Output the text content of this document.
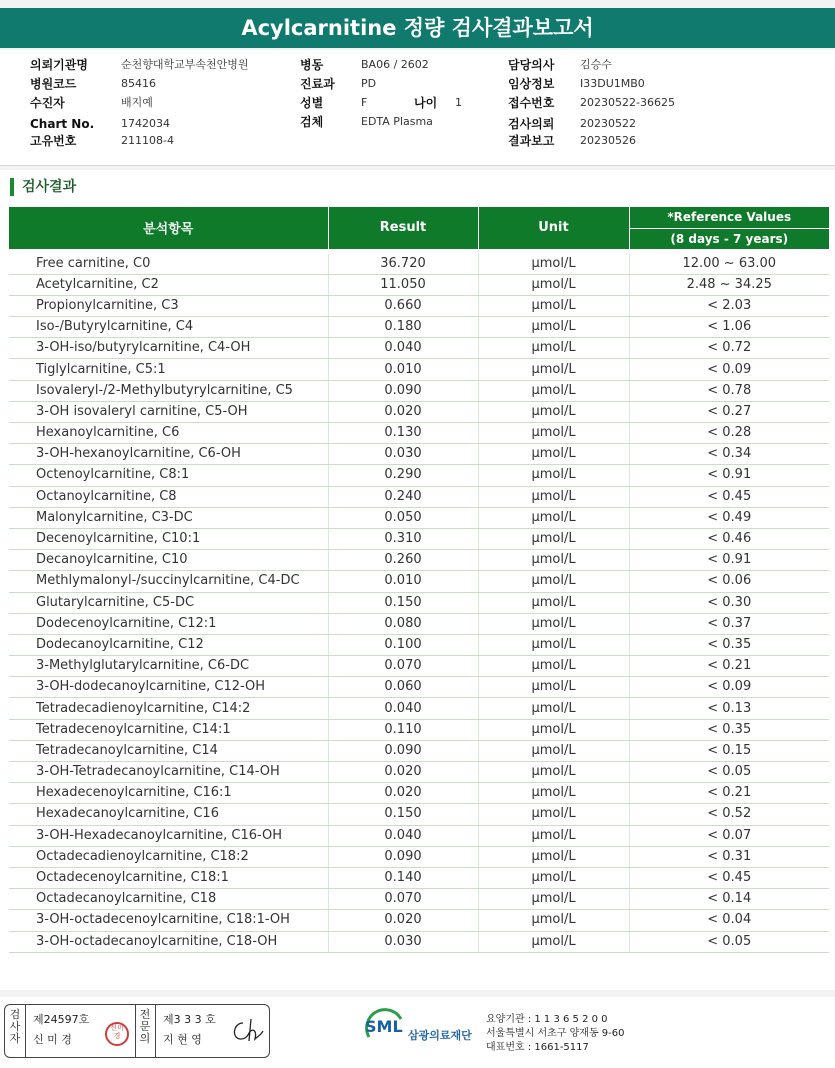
Acylcarnitine 정량 검사결과보고서
의뢰기관명	순천향대학교부속천안병원
병원코드	85416
수진자	배지예
Chart No. 1742034
고유번호	211108-4
병동	BA06 / 2602
진료과 PD
성별	F	나이 1
검체	EDTA Plasma
담당의사 김승수
임상정보 I33DU1MB0
접수번호 20230522-36625
검사의뢰 20230522
결과보고 20230526
검사결과
분석항목	Result	Unit	*Reference Values
			(8 days - 7 years)

Free carnitine, C0	36.720	μmol/L	12.00 ~ 63.00
Acetylcarnitine, C2	11.050	μmol/L	2.48 ~ 34.25
Propionylcarnitine, C3	0.660	μmol/L	< 2.03
Iso-/Butyrylcarnitine, C4	0.180	μmol/L	< 1.06
3-OH-iso/butyrylcarnitine, C4-OH	0.040	μmol/L	< 0.72
Tiglylcarnitine, C5:1	0.010	μmol/L	< 0.09
Isovaleryl-/2-Methylbutyrylcarnitine, C5	0.090	μmol/L	< 0.78
3-OH isovaleryl carnitine, C5-OH	0.020	μmol/L	< 0.27
Hexanoylcarnitine, C6	0.130	μmol/L	< 0.28
3-OH-hexanoylcarnitine, C6-OH	0.030	μmol/L	< 0.34
Octenoylcarnitine, C8:1	0.290	μmol/L	< 0.91
Octanoylcarnitine, C8	0.240	μmol/L	< 0.45
Malonylcarnitine, C3-DC	0.050	μmol/L	< 0.49
Decenoylcarnitine, C10:1	0.310	μmol/L	< 0.46
Decanoylcarnitine, C10	0.260	μmol/L	< 0.91
Methlymalonyl-/succinylcarnitine, C4-DC	0.010	μmol/L	< 0.06
Glutarylcarnitine, C5-DC	0.150	μmol/L	< 0.30
Dodecenoylcarnitine, C12:1	0.080	μmol/L	< 0.37
Dodecanoylcarnitine, C12	0.100	μmol/L	< 0.35
3-Methylglutarylcarnitine, C6-DC	0.070	μmol/L	< 0.21
3-OH-dodecanoylcarnitine, C12-OH	0.060	μmol/L	< 0.09
Tetradecadienoylcarnitine, C14:2	0.040	μmol/L	< 0.13
Tetradecenoylcarnitine, C14:1	0.110	μmol/L	< 0.35
Tetradecanoylcarnitine, C14	0.090	μmol/L	< 0.15
3-OH-Tetradecanoylcarnitine, C14-OH	0.020	μmol/L	< 0.05
Hexadecenoylcarnitine, C16:1	0.020	μmol/L	< 0.21
Hexadecanoylcarnitine, C16	0.150	μmol/L	< 0.52
3-OH-Hexadecanoylcarnitine, C16-OH	0.040	μmol/L	< 0.07
Octadecadienoylcarnitine, C18:2	0.090	μmol/L	< 0.31
Octadecenoylcarnitine, C18:1	0.140	μmol/L	< 0.45
Octadecanoylcarnitine, C18	0.070	μmol/L	< 0.14
3-OH-octadecenoylcarnitine, C18:1-OH	0.020	μmol/L	< 0.04
3-OH-octadecanoylcarnitine, C18-OH	0.030	μmol/L	< 0.05
검사자
제24597호
신 미 경
신미경
전문의
제3 3 3 호
지 현 영
SML 삼광의료재단
요양기관 : 1 1 3 6 5 2 0 0
서울특별시 서초구 양재동 9-60
대표번호 : 1661-5117
